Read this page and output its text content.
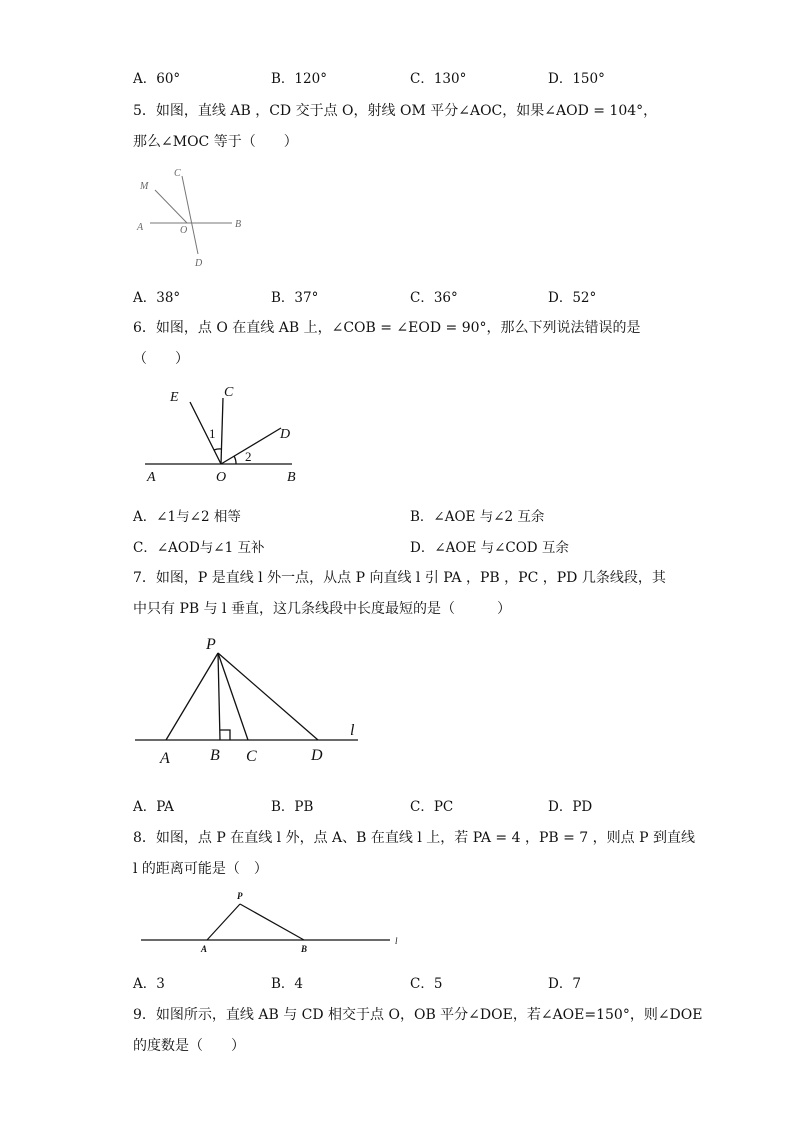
A．60°	B．120°	C．130°	D．150°
5．如图，直线 AB ，CD 交于点 O，射线 OM 平分∠AOC，如果∠AOD = 104°，
那么∠MOC 等于（　　）
M
C
A	O
B
D
A．38°	B．37°	C．36°	D．52°
6．如图，点 O 在直线 AB 上，∠COB = ∠EOD = 90°，那么下列说法错误的是
（　　）
E	C
D
A	O	B
1
2
A．∠1与∠2 相等	B．∠AOE 与∠2 互余
C．∠AOD与∠1 互补	D．∠AOE 与∠COD 互余
7．如图，P 是直线 l 外一点，从点 P 向直线 l 引 PA ，PB ，PC ，PD 几条线段，其
中只有 PB 与 l 垂直，这几条线段中长度最短的是（　　　）
P
l
A	B C	D
A．PA	B．PB	C．PC	D．PD
8．如图，点 P 在直线 l 外，点 A、B 在直线 l 上，若 PA = 4 ，PB = 7 ，则点 P 到直线
l 的距离可能是（　）
P
A	B
l
A．3	B．4	C．5	D．7
9．如图所示，直线 AB 与 CD 相交于点 O，OB 平分∠DOE，若∠AOE=150°，则∠DOE
的度数是（　　）
